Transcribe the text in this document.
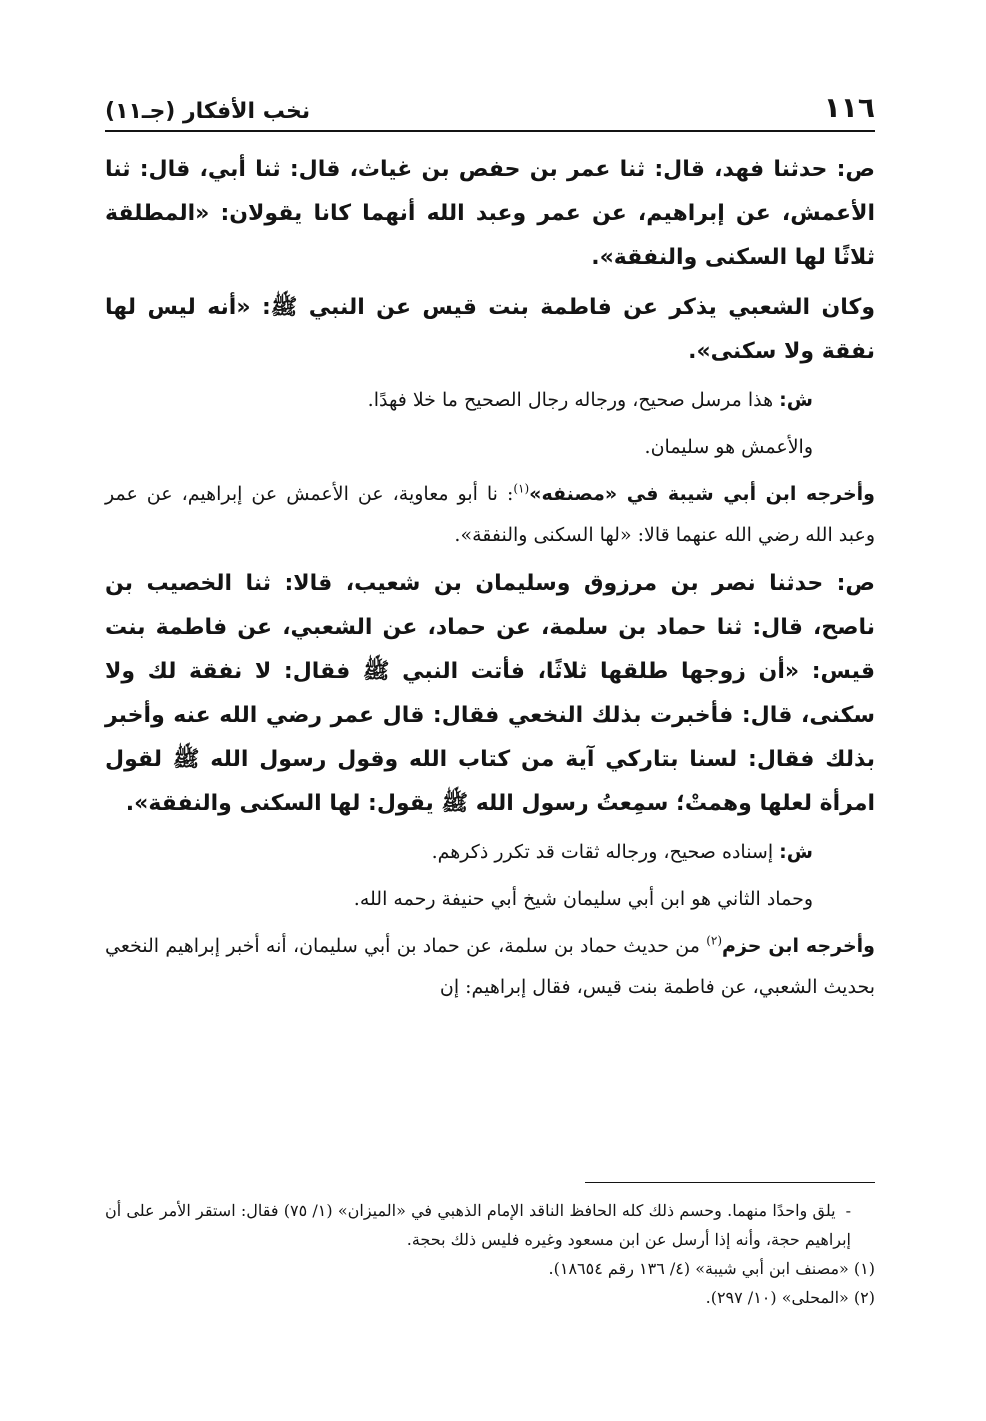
١١٦
نخب الأفكار (جـ١١)

ص: حدثنا فهد، قال: ثنا عمر بن حفص بن غياث، قال: ثنا أبي، قال: ثنا الأعمش، عن إبراهيم، عن عمر وعبد الله أنهما كانا يقولان: «المطلقة ثلاثًا لها السكنى والنفقة».

وكان الشعبي يذكر عن فاطمة بنت قيس عن النبي ﷺ: «أنه ليس لها نفقة ولا سكنى».

ش: هذا مرسل صحيح، ورجاله رجال الصحيح ما خلا فهدًا.

والأعمش هو سليمان.

وأخرجه ابن أبي شيبة في «مصنفه»$^{(١)}$: نا أبو معاوية، عن الأعمش عن إبراهيم، عن عمر وعبد الله رضي الله عنهما قالا: «لها السكنى والنفقة».

ص: حدثنا نصر بن مرزوق وسليمان بن شعيب، قالا: ثنا الخصيب بن ناصح، قال: ثنا حماد بن سلمة، عن حماد، عن الشعبي، عن فاطمة بنت قيس: «أن زوجها طلقها ثلاثًا، فأتت النبي ﷺ فقال: لا نفقة لك ولا سكنى، قال: فأخبرت بذلك النخعي فقال: قال عمر رضي الله عنه وأخبر بذلك فقال: لسنا بتاركي آية من كتاب الله وقول رسول الله ﷺ لقول امرأة لعلها وهمتْ؛ سمِعتُ رسول الله ﷺ يقول: لها السكنى والنفقة».

ش: إسناده صحيح، ورجاله ثقات قد تكرر ذكرهم.

وحماد الثاني هو ابن أبي سليمان شيخ أبي حنيفة رحمه الله.

وأخرجه ابن حزم$^{(٢)}$ من حديث حماد بن سلمة، عن حماد بن أبي سليمان، أنه أخبر إبراهيم النخعي بحديث الشعبي، عن فاطمة بنت قيس، فقال إبراهيم: إن

-يلق واحدًا منهما. وحسم ذلك كله الحافظ الناقد الإمام الذهبي في «الميزان» (١/ ٧٥) فقال: استقر الأمر على أن إبراهيم حجة، وأنه إذا أرسل عن ابن مسعود وغيره فليس ذلك بحجة.

(١) «مصنف ابن أبي شيبة» (٤/ ١٣٦ رقم ١٨٦٥٤).

(٢) «المحلى» (١٠/ ٢٩٧).
